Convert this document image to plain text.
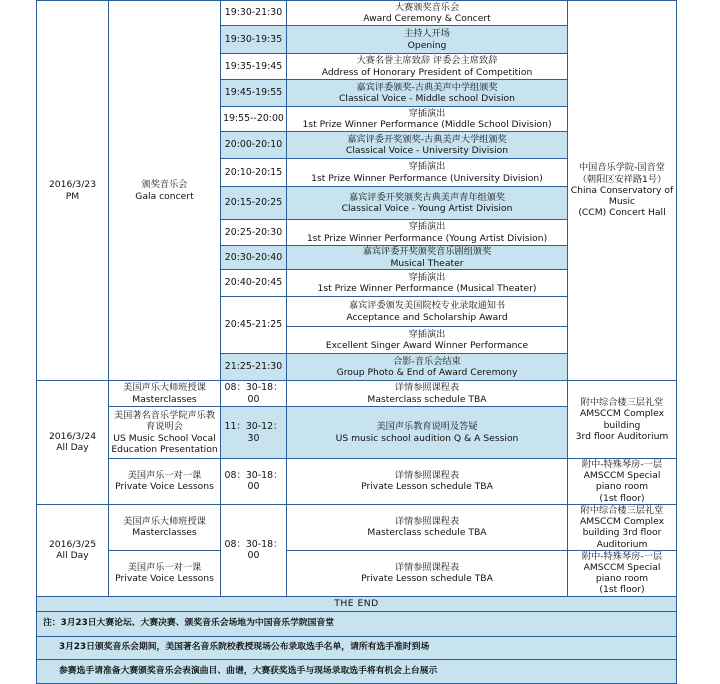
2016/3/23
PM	颁奖音乐会
Gala concert	19:30-21:30	大赛颁奖音乐会
Award Ceremony & Concert	中国音乐学院-国音堂
（朝阳区安祥路1号）
China Conservatory of Music
(CCM) Concert Hall

		19:30-19:35	主持人开场
Opening	

		19:35-19:45	大赛名誉主席致辞 评委会主席致辞
Address of Honorary President of Competition	

		19:45-19:55	嘉宾评委颁奖-古典美声中学组颁奖
Classical Voice - Middle school Dvision	

		19:55--20:00	穿插演出
1st Prize Winner Performance (Middle School Division)	

		20:00-20:10	嘉宾评委开奖颁奖-古典美声大学组颁奖
Classical Voice - University Division	

		20:10-20:15	穿插演出
1st Prize Winner Performance (University Division)	

		20:15-20:25	嘉宾评委开奖颁奖古典美声青年组颁奖
Classical Voice - Young Artist Division	

		20:25-20:30	穿插演出
1st Prize Winner Performance (Young Artist Division)	

		20:30-20:40	嘉宾评委开奖颁奖音乐剧组颁奖
Musical Theater	

		20:40-20:45	穿插演出
1st Prize Winner Performance (Musical Theater)	

		20:45-21:25	嘉宾评委颁发美国院校专业录取通知书
Acceptance and Scholarship Award	

			穿插演出
Excellent Singer Award Winner Performance	

		21:25-21:30	合影-音乐会结束
Group Photo & End of Award Ceremony	

2016/3/24
All Day	美国声乐大师班授课
Masterclasses	08：30-18：00	详情参照课程表
Masterclass schedule TBA	附中综合楼三层礼堂
AMSCCM Complex building
3rd floor Auditorium

	美国著名音乐学院声乐教育说明会
US Music School Vocal Education Presentation	11：30-12：30	美国声乐教育说明及答疑
US music school audition Q & A Session	

	美国声乐一对一课
Private Voice Lessons	08：30-18：00	详情参照课程表
Private Lesson schedule TBA	附中-特殊琴房-一层
AMSCCM Special piano room
(1st floor)

2016/3/25
All Day	美国声乐大师班授课
Masterclasses	08：30-18：00	详情参照课程表
Masterclass schedule TBA	附中综合楼三层礼堂
AMSCCM Complex building 3rd floor Auditorium

	美国声乐一对一课
Private Voice Lessons		详情参照课程表
Private Lesson schedule TBA	附中-特殊琴房-一层
AMSCCM Special piano room
(1st floor)

THE END				
注：3月23日大赛论坛、大赛决赛、颁奖音乐会场地为中国音乐学院国音堂				
3月23日颁奖音乐会期间，美国著名音乐院校教授现场公布录取选手名单，请所有选手准时到场				
参赛选手请准备大赛颁奖音乐会表演曲目、曲谱，大赛获奖选手与现场录取选手将有机会上台展示				
